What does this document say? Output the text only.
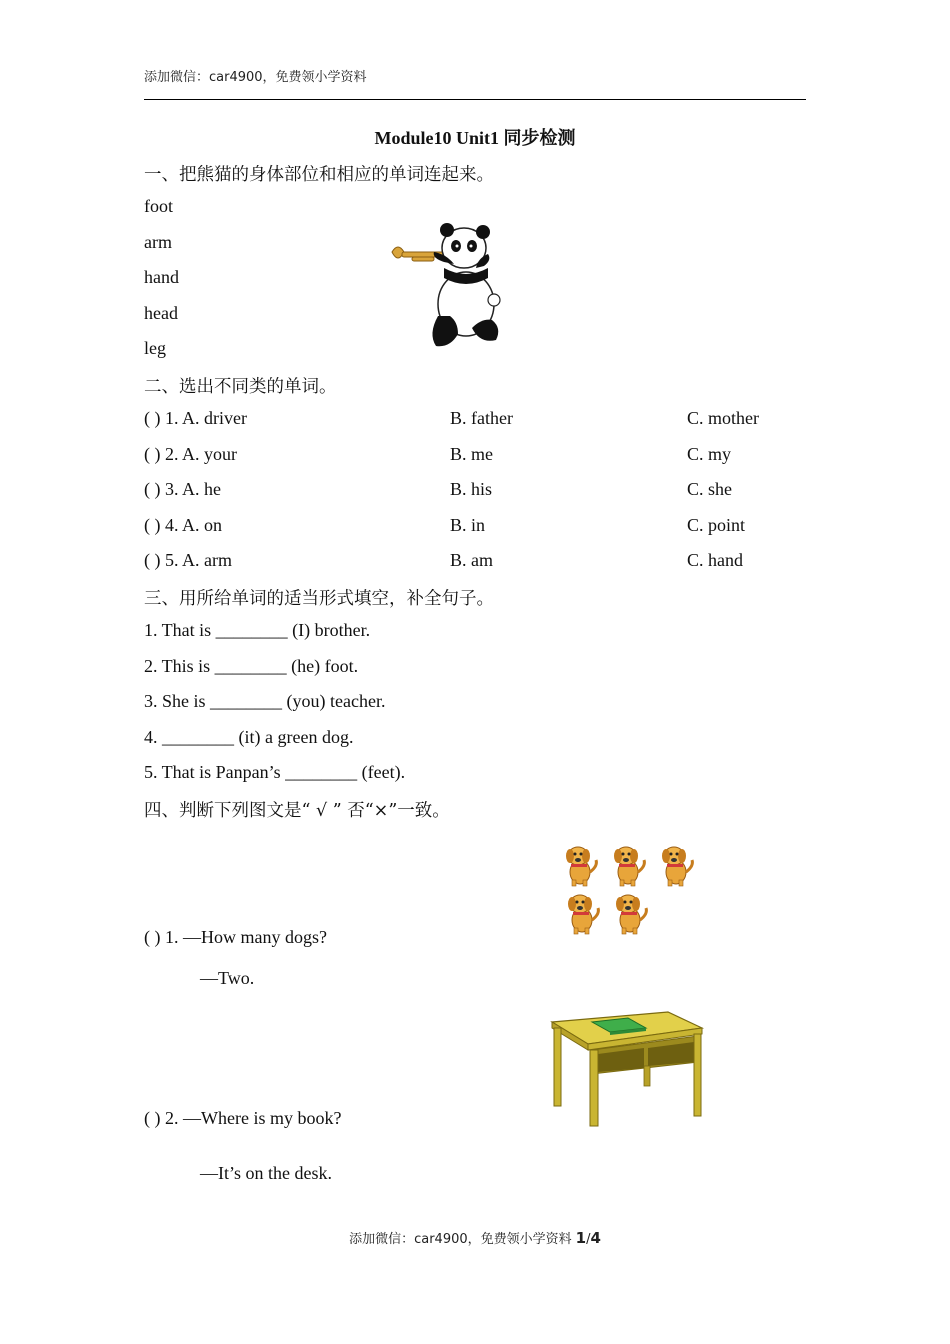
添加微信：car4900，免费领小学资料
Module10 Unit1 同步检测
一、把熊猫的身体部位和相应的单词连起来。
foot
arm
hand
head
leg
二、选出不同类的单词。
( ) 1. A. driver	B. father	C. mother
( ) 2. A. your	B. me	C. my
( ) 3. A. he	B. his	C. she
( ) 4. A. on	B. in	C. point
( ) 5. A. arm	B. am	C. hand
三、用所给单词的适当形式填空，补全句子。
1. That is ________ (I) brother.
2. This is ________ (he) foot.
3. She is ________ (you) teacher.
4. ________ (it) a green dog.
5. That is Panpan’s ________ (feet).
四、判断下列图文是“ √ ” 否“×”一致。
( ) 1. —How many dogs?
—Two.
( ) 2. —Where is my book?
—It’s on the desk.
添加微信：car4900，免费领小学资料 1/4
